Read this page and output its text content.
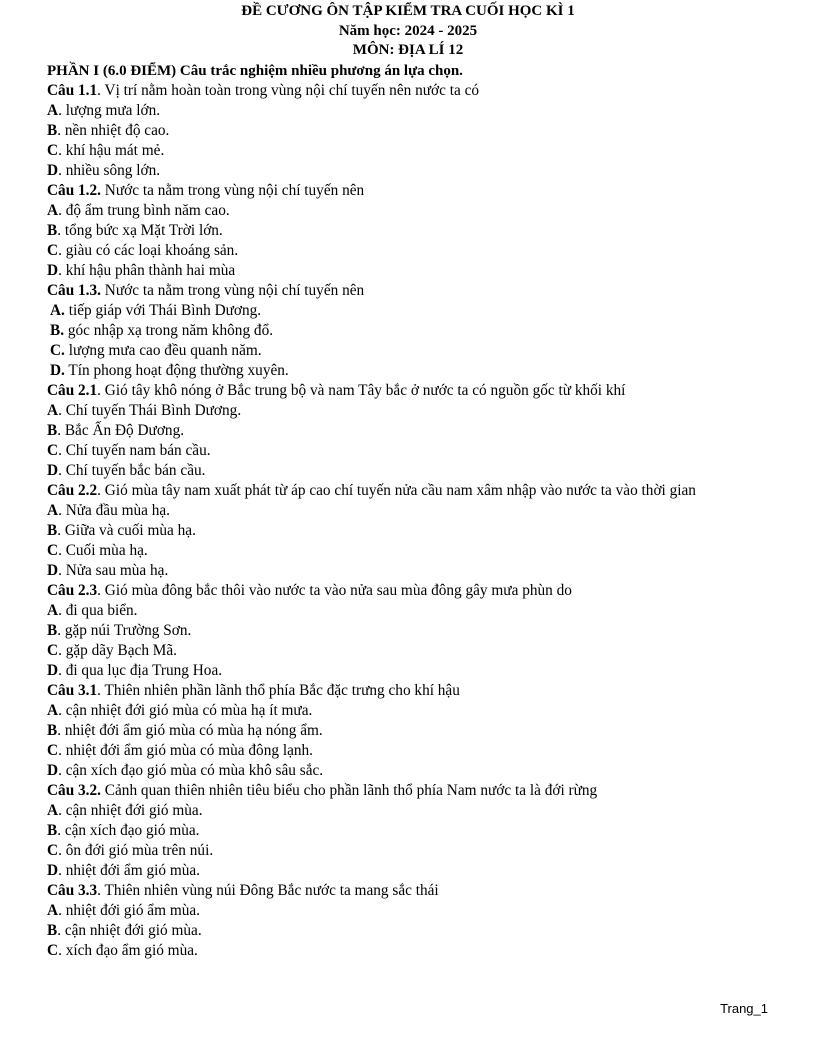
ĐỀ CƯƠNG ÔN TẬP KIỂM TRA CUỐI HỌC KÌ 1
Năm học: 2024 - 2025
MÔN: ĐỊA LÍ 12
PHẦN I (6.0 ĐIỂM) Câu trắc nghiệm nhiều phương án lựa chọn.
Câu 1.1. Vị trí nằm hoàn toàn trong vùng nội chí tuyến nên nước ta có
A. lượng mưa lớn.
B. nền nhiệt độ cao.
C. khí hậu mát mẻ.
D. nhiều sông lớn.
Câu 1.2. Nước ta nằm trong vùng nội chí tuyến nên
A. độ ẩm trung bình năm cao.
B. tổng bức xạ Mặt Trời lớn.
C. giàu có các loại khoáng sản.
D. khí hậu phân thành hai mùa
Câu 1.3. Nước ta nằm trong vùng nội chí tuyến nên
A. tiếp giáp với Thái Bình Dương.
B. góc nhập xạ trong năm không đổ.
C. lượng mưa cao đều quanh năm.
D. Tín phong hoạt động thường xuyên.
Câu 2.1. Gió tây khô nóng ở Bắc trung bộ và nam Tây bắc ở nước ta có nguồn gốc từ khối khí
A. Chí tuyến Thái Bình Dương.
B. Bắc Ấn Độ Dương.
C. Chí tuyến nam bán cầu.
D. Chí tuyến bắc bán cầu.
Câu 2.2. Gió mùa tây nam xuất phát từ áp cao chí tuyến nửa cầu nam xâm nhập vào nước ta vào thời gian
A. Nửa đầu mùa hạ.
B. Giữa và cuối mùa hạ.
C. Cuối mùa hạ.
D. Nửa sau mùa hạ.
Câu 2.3. Gió mùa đông bắc thôi vào nước ta vào nửa sau mùa đông gây mưa phùn do
A. đi qua biển.
B. gặp núi Trường Sơn.
C. gặp dãy Bạch Mã.
D. đi qua lục địa Trung Hoa.
Câu 3.1. Thiên nhiên phần lãnh thổ phía Bắc đặc trưng cho khí hậu
A. cận nhiệt đới gió mùa có mùa hạ ít mưa.
B. nhiệt đới ẩm gió mùa có mùa hạ nóng ẩm.
C. nhiệt đới ẩm gió mùa có mùa đông lạnh.
D. cận xích đạo gió mùa có mùa khô sâu sắc.
Câu 3.2. Cảnh quan thiên nhiên tiêu biểu cho phần lãnh thổ phía Nam nước ta là đới rừng
A. cận nhiệt đới gió mùa.
B. cận xích đạo gió mùa.
C. ôn đới gió mùa trên núi.
D. nhiệt đới ẩm gió mùa.
Câu 3.3. Thiên nhiên vùng núi Đông Bắc nước ta mang sắc thái
A. nhiệt đới gió ẩm mùa.
B. cận nhiệt đới gió mùa.
C. xích đạo ẩm gió mùa.
Trang_1
